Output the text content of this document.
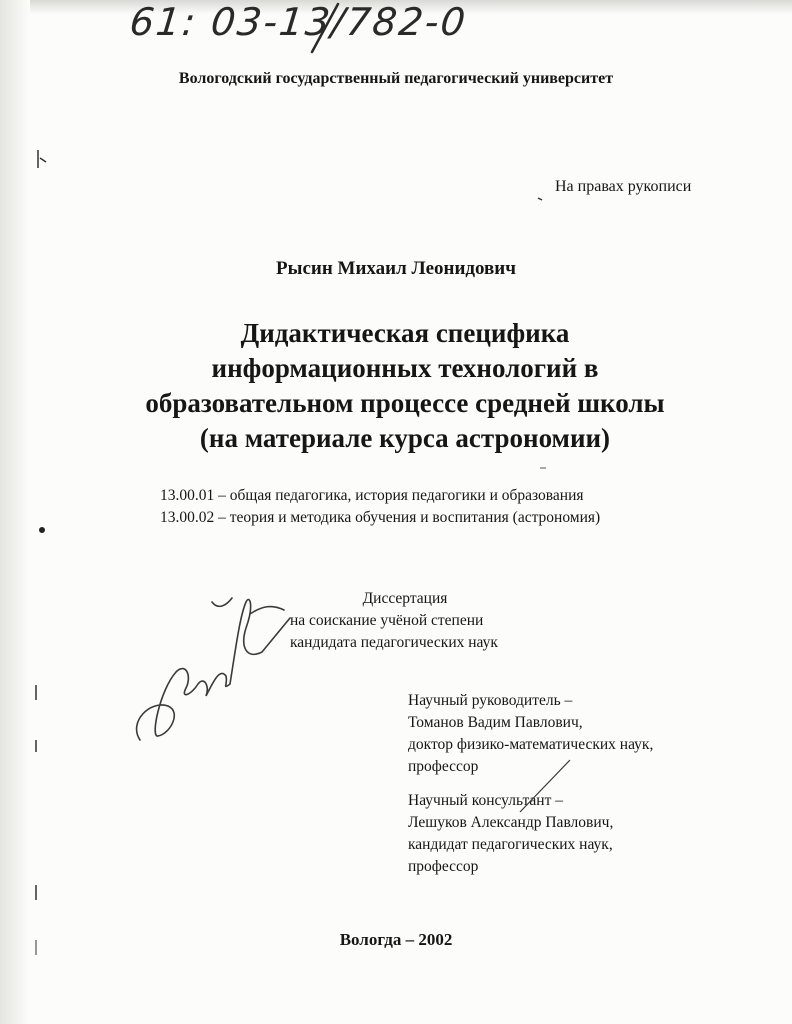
61: 03-13/782-0
Вологодский государственный педагогический университет
На правах рукописи
Рысин Михаил Леонидович
Дидактическая специфика
информационных технологий в
образовательном процессе средней школы
(на материале курса астрономии)
13.00.01 – общая педагогика, история педагогики и образования
13.00.02 – теория и методика обучения и воспитания (астрономия)
Диссертация
на соискание учёной степени
кандидата педагогических наук
Научный руководитель –
Томанов Вадим Павлович,
доктор физико-математических наук,
профессор
Научный консультант –
Лешуков Александр Павлович,
кандидат педагогических наук,
профессор
Вологда – 2002
